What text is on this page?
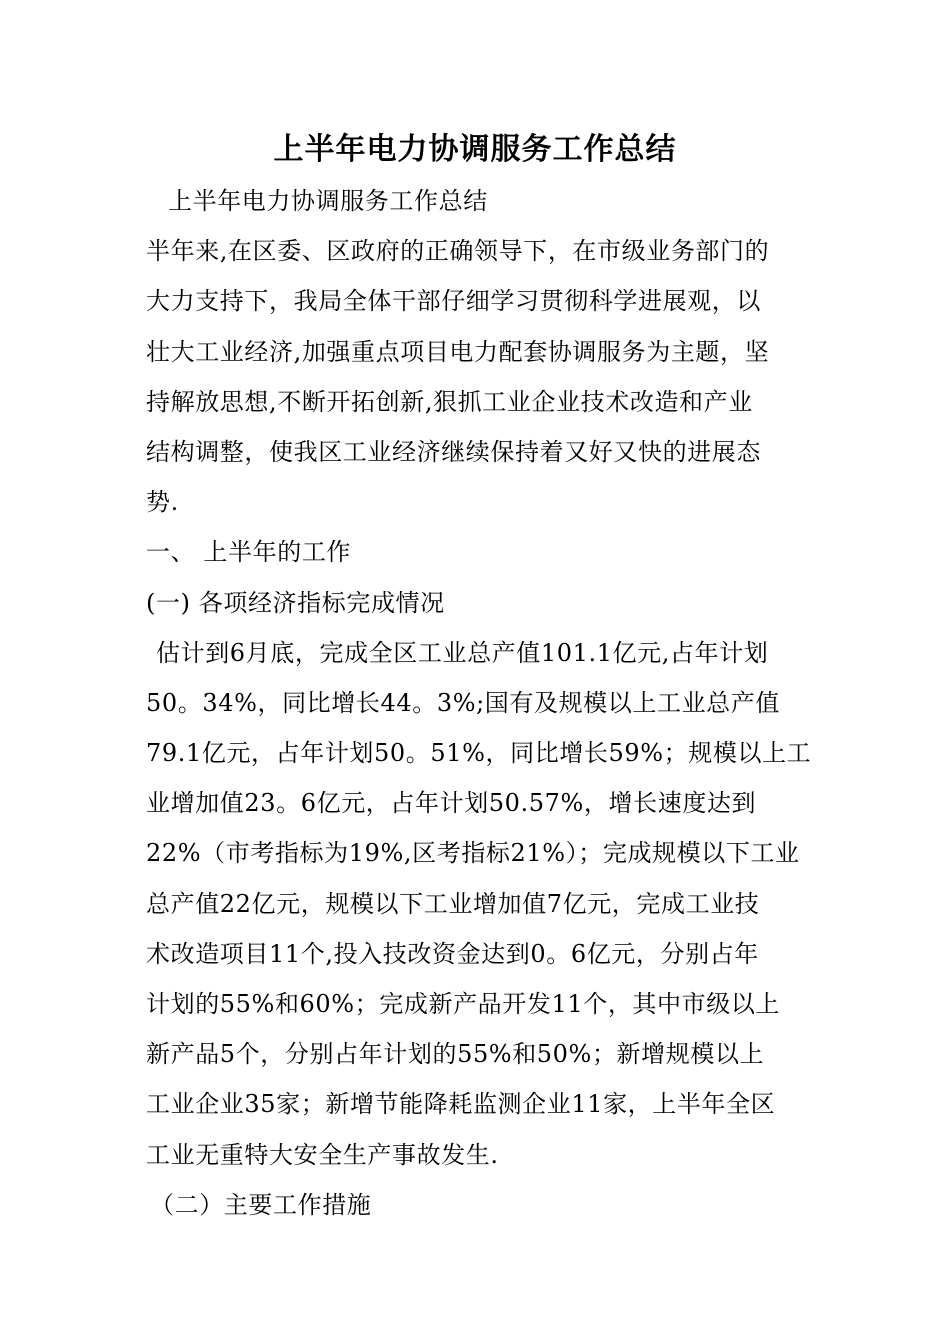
上半年电力协调服务工作总结
上半年电力协调服务工作总结
半年来,在区委、区政府的正确领导下，在市级业务部门的
大力支持下，我局全体干部仔细学习贯彻科学进展观，以
壮大工业经济,加强重点项目电力配套协调服务为主题，坚
持解放思想,不断开拓创新,狠抓工业企业技术改造和产业
结构调整，使我区工业经济继续保持着又好又快的进展态
势.
一、 上半年的工作
(一) 各项经济指标完成情况
估计到6月底，完成全区工业总产值101.1亿元,占年计划
50。34%，同比增长44。3%;国有及规模以上工业总产值
79.1亿元，占年计划50。51%，同比增长59%；规模以上工
业增加值23。6亿元，占年计划50.57%，增长速度达到
22%（市考指标为19%,区考指标21%）；完成规模以下工业
总产值22亿元，规模以下工业增加值7亿元，完成工业技
术改造项目11个,投入技改资金达到0。6亿元，分别占年
计划的55%和60%；完成新产品开发11个，其中市级以上
新产品5个，分别占年计划的55%和50%；新增规模以上
工业企业35家；新增节能降耗监测企业11家，上半年全区
工业无重特大安全生产事故发生.
（二）主要工作措施
